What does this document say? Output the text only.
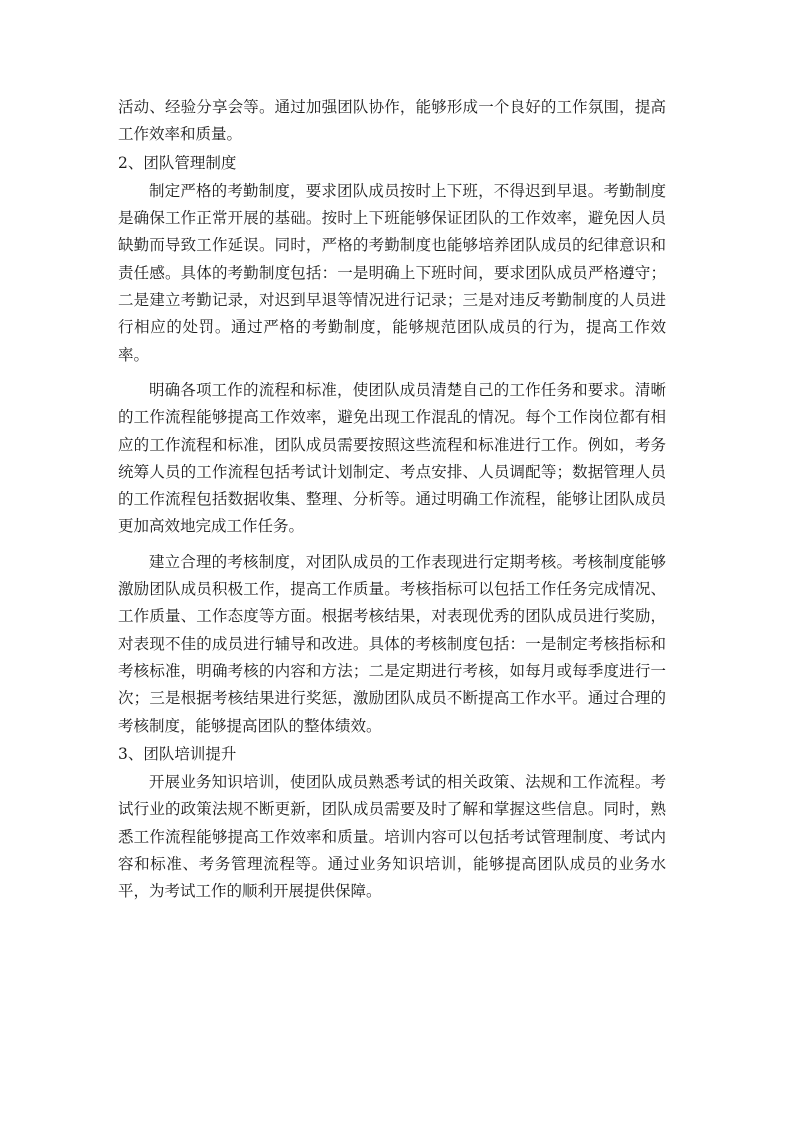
活动、经验分享会等。通过加强团队协作，能够形成一个良好的工作氛围，提高工作效率和质量。

2、团队管理制度

制定严格的考勤制度，要求团队成员按时上下班，不得迟到早退。考勤制度是确保工作正常开展的基础。按时上下班能够保证团队的工作效率，避免因人员缺勤而导致工作延误。同时，严格的考勤制度也能够培养团队成员的纪律意识和责任感。具体的考勤制度包括：一是明确上下班时间，要求团队成员严格遵守；二是建立考勤记录，对迟到早退等情况进行记录；三是对违反考勤制度的人员进行相应的处罚。通过严格的考勤制度，能够规范团队成员的行为，提高工作效率。

明确各项工作的流程和标准，使团队成员清楚自己的工作任务和要求。清晰的工作流程能够提高工作效率，避免出现工作混乱的情况。每个工作岗位都有相应的工作流程和标准，团队成员需要按照这些流程和标准进行工作。例如，考务统筹人员的工作流程包括考试计划制定、考点安排、人员调配等；数据管理人员的工作流程包括数据收集、整理、分析等。通过明确工作流程，能够让团队成员更加高效地完成工作任务。

建立合理的考核制度，对团队成员的工作表现进行定期考核。考核制度能够激励团队成员积极工作，提高工作质量。考核指标可以包括工作任务完成情况、工作质量、工作态度等方面。根据考核结果，对表现优秀的团队成员进行奖励，对表现不佳的成员进行辅导和改进。具体的考核制度包括：一是制定考核指标和考核标准，明确考核的内容和方法；二是定期进行考核，如每月或每季度进行一次；三是根据考核结果进行奖惩，激励团队成员不断提高工作水平。通过合理的考核制度，能够提高团队的整体绩效。

3、团队培训提升

开展业务知识培训，使团队成员熟悉考试的相关政策、法规和工作流程。考试行业的政策法规不断更新，团队成员需要及时了解和掌握这些信息。同时，熟悉工作流程能够提高工作效率和质量。培训内容可以包括考试管理制度、考试内容和标准、考务管理流程等。通过业务知识培训，能够提高团队成员的业务水平，为考试工作的顺利开展提供保障。
